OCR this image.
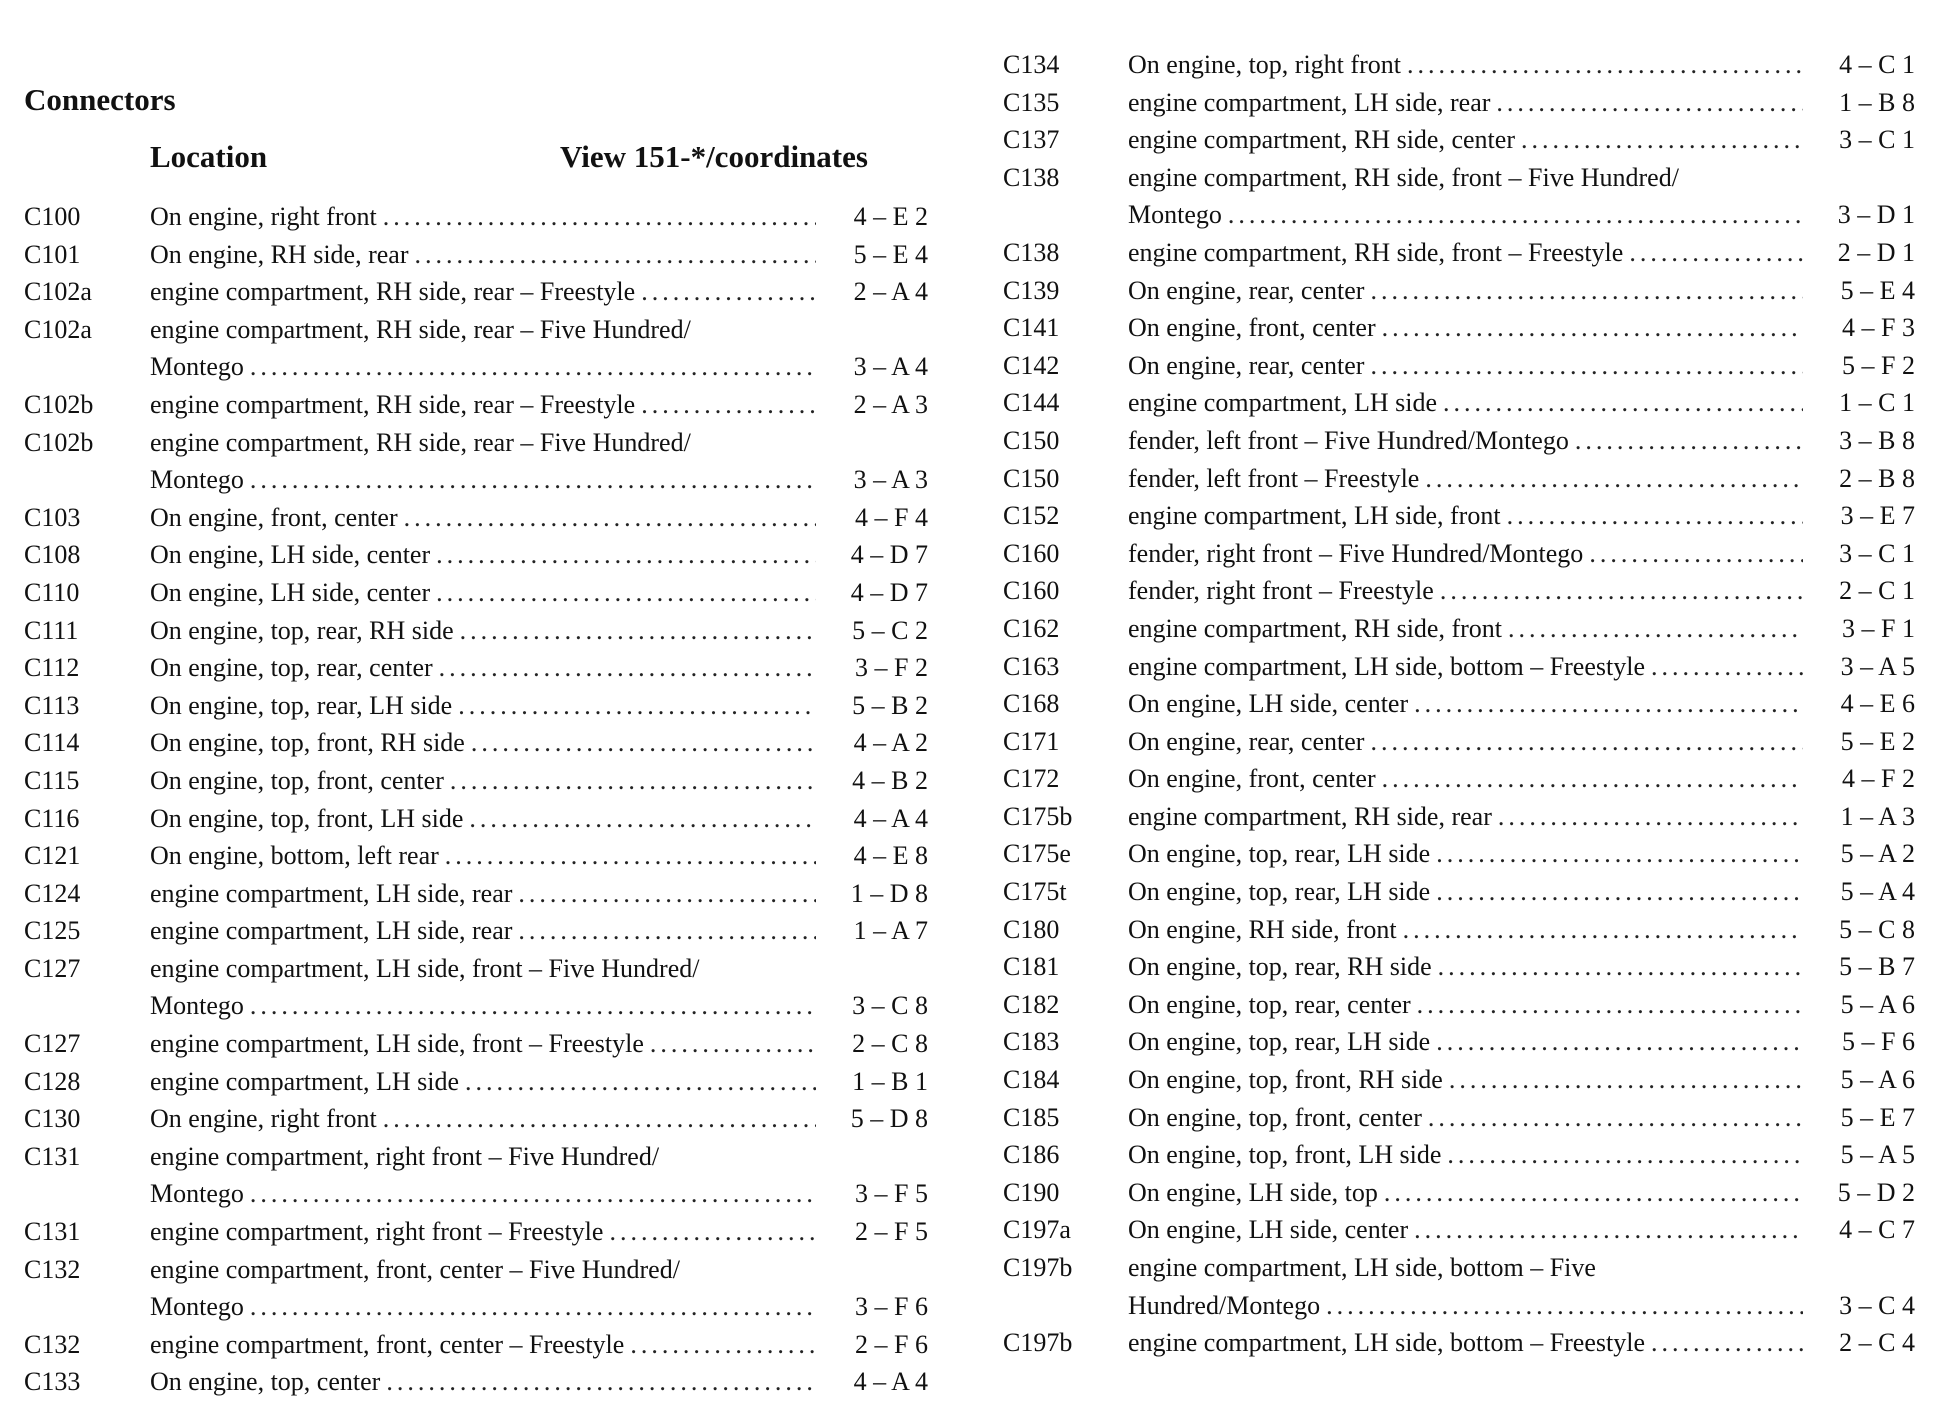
Connectors
Location	View 151-*/coordinates
C100	On engine, right front .....	4 – E 2
C101	On engine, RH side, rear .....	5 – E 4
C102a engine compartment, RH side, rear – Freestyle .....	2 – A 4
C102a engine compartment, RH side, rear – Five Hundred/
Montego .....	3 – A 4
C102b engine compartment, RH side, rear – Freestyle .....	2 – A 3
C102b engine compartment, RH side, rear – Five Hundred/
Montego .....	3 – A 3
C103	On engine, front, center .....	4 – F 4
C108	On engine, LH side, center .....	4 – D 7
C110	On engine, LH side, center .....	4 – D 7
C111	On engine, top, rear, RH side .....	5 – C 2
C112	On engine, top, rear, center .....	3 – F 2
C113	On engine, top, rear, LH side .....	5 – B 2
C114	On engine, top, front, RH side .....	4 – A 2
C115	On engine, top, front, center .....	4 – B 2
C116	On engine, top, front, LH side .....	4 – A 4
C121	On engine, bottom, left rear .....	4 – E 8
C124	engine compartment, LH side, rear .....	1 – D 8
C125	engine compartment, LH side, rear .....	1 – A 7
C127	engine compartment, LH side, front – Five Hundred/
Montego .....	3 – C 8
C127	engine compartment, LH side, front – Freestyle .....	2 – C 8
C128	engine compartment, LH side .....	1 – B 1
C130	On engine, right front .....	5 – D 8
C131	engine compartment, right front – Five Hundred/
Montego .....	3 – F 5
C131	engine compartment, right front – Freestyle .....	2 – F 5
C132	engine compartment, front, center – Five Hundred/
Montego .....	3 – F 6
C132	engine compartment, front, center – Freestyle .....	2 – F 6
C133	On engine, top, center .....	4 – A 4
C134	On engine, top, right front .....	4 – C 1
C135	engine compartment, LH side, rear .....	1 – B 8
C137	engine compartment, RH side, center .....	3 – C 1
C138	engine compartment, RH side, front – Five Hundred/
Montego .....	3 – D 1
C138	engine compartment, RH side, front – Freestyle .....	2 – D 1
C139	On engine, rear, center .....	5 – E 4
C141	On engine, front, center .....	4 – F 3
C142	On engine, rear, center .....	5 – F 2
C144	engine compartment, LH side .....	1 – C 1
C150	fender, left front – Five Hundred/Montego .....	3 – B 8
C150	fender, left front – Freestyle .....	2 – B 8
C152	engine compartment, LH side, front .....	3 – E 7
C160	fender, right front – Five Hundred/Montego .....	3 – C 1
C160	fender, right front – Freestyle .....	2 – C 1
C162	engine compartment, RH side, front .....	3 – F 1
C163	engine compartment, LH side, bottom – Freestyle .....	3 – A 5
C168	On engine, LH side, center .....	4 – E 6
C171	On engine, rear, center .....	5 – E 2
C172	On engine, front, center .....	4 – F 2
C175b engine compartment, RH side, rear .....	1 – A 3
C175e On engine, top, rear, LH side .....	5 – A 2
C175t On engine, top, rear, LH side .....	5 – A 4
C180	On engine, RH side, front .....	5 – C 8
C181	On engine, top, rear, RH side .....	5 – B 7
C182	On engine, top, rear, center .....	5 – A 6
C183	On engine, top, rear, LH side .....	5 – F 6
C184	On engine, top, front, RH side .....	5 – A 6
C185	On engine, top, front, center .....	5 – E 7
C186	On engine, top, front, LH side .....	5 – A 5
C190	On engine, LH side, top .....	5 – D 2
C197a On engine, LH side, center .....	4 – C 7
C197b engine compartment, LH side, bottom – Five
Hundred/Montego .....	3 – C 4
C197b engine compartment, LH side, bottom – Freestyle .....	2 – C 4
